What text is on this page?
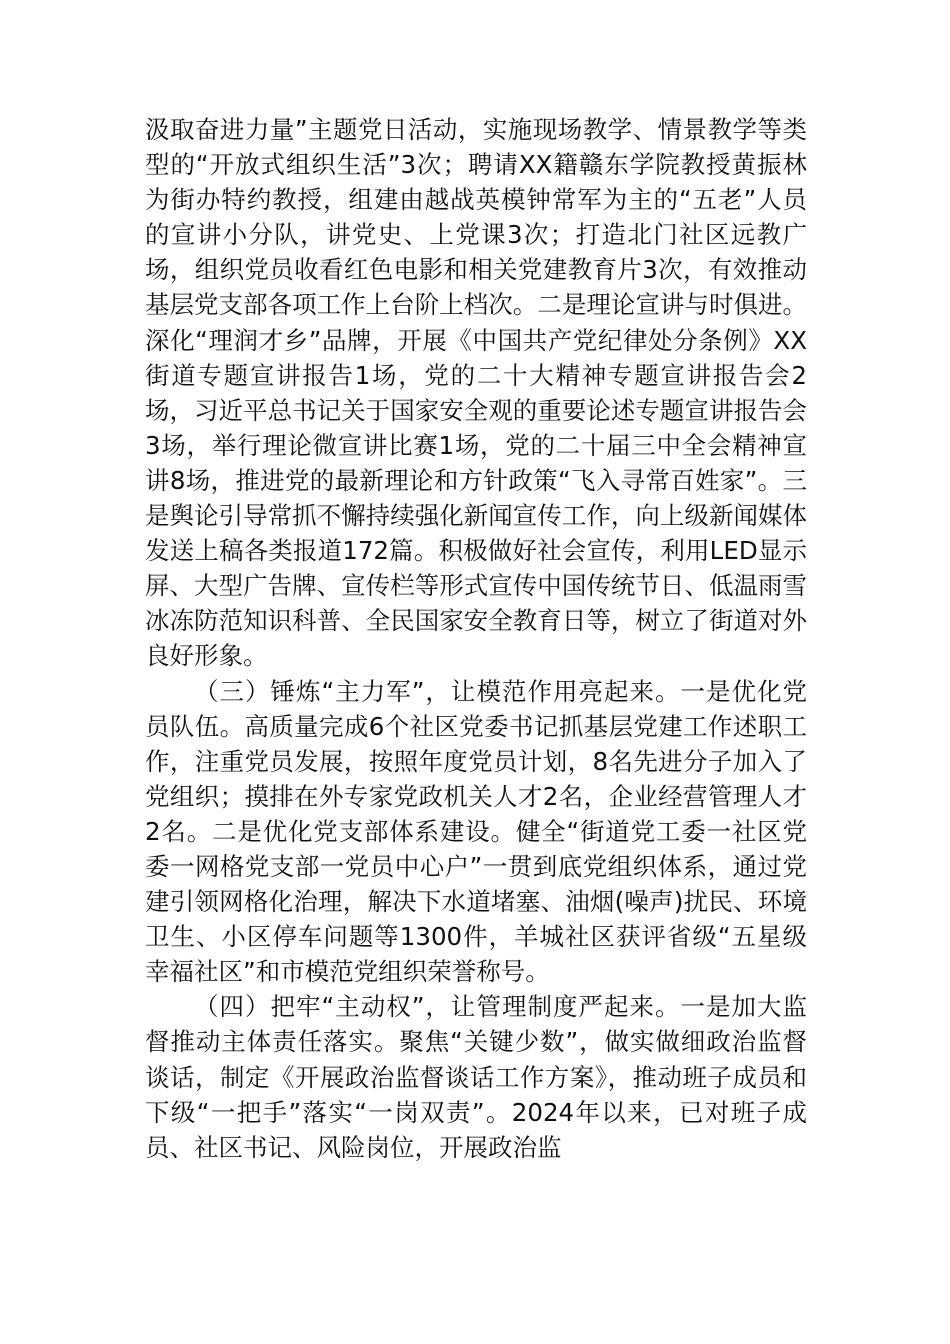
汲取奋进力量”主题党日活动，实施现场教学、情景教学等类型的“开放式组织生活”3次；聘请XX籍赣东学院教授黄振林为街办特约教授，组建由越战英模钟常军为主的“五老”人员的宣讲小分队，讲党史、上党课3次；打造北门社区远教广场，组织党员收看红色电影和相关党建教育片3次，有效推动基层党支部各项工作上台阶上档次。二是理论宣讲与时俱进。深化“理润才乡”品牌，开展《中国共产党纪律处分条例》XX街道专题宣讲报告1场，党的二十大精神专题宣讲报告会2场，习近平总书记关于国家安全观的重要论述专题宣讲报告会3场，举行理论微宣讲比赛1场，党的二十届三中全会精神宣讲8场，推进党的最新理论和方针政策“飞入寻常百姓家”。三是舆论引导常抓不懈持续强化新闻宣传工作，向上级新闻媒体发送上稿各类报道172篇。积极做好社会宣传，利用LED显示屏、大型广告牌、宣传栏等形式宣传中国传统节日、低温雨雪冰冻防范知识科普、全民国家安全教育日等，树立了街道对外良好形象。

（三）锤炼“主力军”，让模范作用亮起来。一是优化党员队伍。高质量完成6个社区党委书记抓基层党建工作述职工作，注重党员发展，按照年度党员计划，8名先进分子加入了党组织；摸排在外专家党政机关人才2名，企业经营管理人才2名。二是优化党支部体系建设。健全“街道党工委一社区党委一网格党支部一党员中心户”一贯到底党组织体系，通过党建引领网格化治理，解决下水道堵塞、油烟(噪声)扰民、环境卫生、小区停车问题等1300件，羊城社区获评省级“五星级幸福社区”和市模范党组织荣誉称号。

（四）把牢“主动权”，让管理制度严起来。一是加大监督推动主体责任落实。聚焦“关键少数”，做实做细政治监督谈话，制定《开展政治监督谈话工作方案》，推动班子成员和下级“一把手”落实“一岗双责”。2024年以来，已对班子成员、社区书记、风险岗位，开展政治监
